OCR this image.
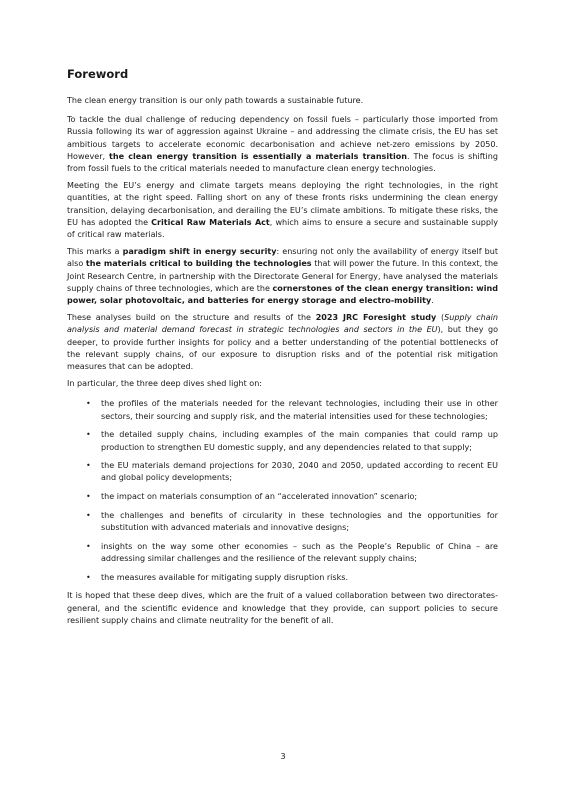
Foreword

The clean energy transition is our only path towards a sustainable future.

To tackle the dual challenge of reducing dependency on fossil fuels – particularly those imported from Russia following its war of aggression against Ukraine – and addressing the climate crisis, the EU has set ambitious targets to accelerate economic decarbonisation and achieve net-zero emissions by 2050. However, the clean energy transition is essentially a materials transition. The focus is shifting from fossil fuels to the critical materials needed to manufacture clean energy technologies.

Meeting the EU’s energy and climate targets means deploying the right technologies, in the right quantities, at the right speed. Falling short on any of these fronts risks undermining the clean energy transition, delaying decarbonisation, and derailing the EU’s climate ambitions. To mitigate these risks, the EU has adopted the Critical Raw Materials Act, which aims to ensure a secure and sustainable supply of critical raw materials.

This marks a paradigm shift in energy security: ensuring not only the availability of energy itself but also the materials critical to building the technologies that will power the future. In this context, the Joint Research Centre, in partnership with the Directorate General for Energy, have analysed the materials supply chains of three technologies, which are the cornerstones of the clean energy transition: wind power, solar photovoltaic, and batteries for energy storage and electro-mobility.

These analyses build on the structure and results of the 2023 JRC Foresight study (Supply chain analysis and material demand forecast in strategic technologies and sectors in the EU), but they go deeper, to provide further insights for policy and a better understanding of the potential bottlenecks of the relevant supply chains, of our exposure to disruption risks and of the potential risk mitigation measures that can be adopted.

In particular, the three deep dives shed light on:

• the profiles of the materials needed for the relevant technologies, including their use in other sectors, their sourcing and supply risk, and the material intensities used for these technologies;
• the detailed supply chains, including examples of the main companies that could ramp up production to strengthen EU domestic supply, and any dependencies related to that supply;
• the EU materials demand projections for 2030, 2040 and 2050, updated according to recent EU and global policy developments;
• the impact on materials consumption of an “accelerated innovation” scenario;
• the challenges and benefits of circularity in these technologies and the opportunities for substitution with advanced materials and innovative designs;
• insights on the way some other economies – such as the People’s Republic of China – are addressing similar challenges and the resilience of the relevant supply chains;
• the measures available for mitigating supply disruption risks.

It is hoped that these deep dives, which are the fruit of a valued collaboration between two directorates-general, and the scientific evidence and knowledge that they provide, can support policies to secure resilient supply chains and climate neutrality for the benefit of all.

3
